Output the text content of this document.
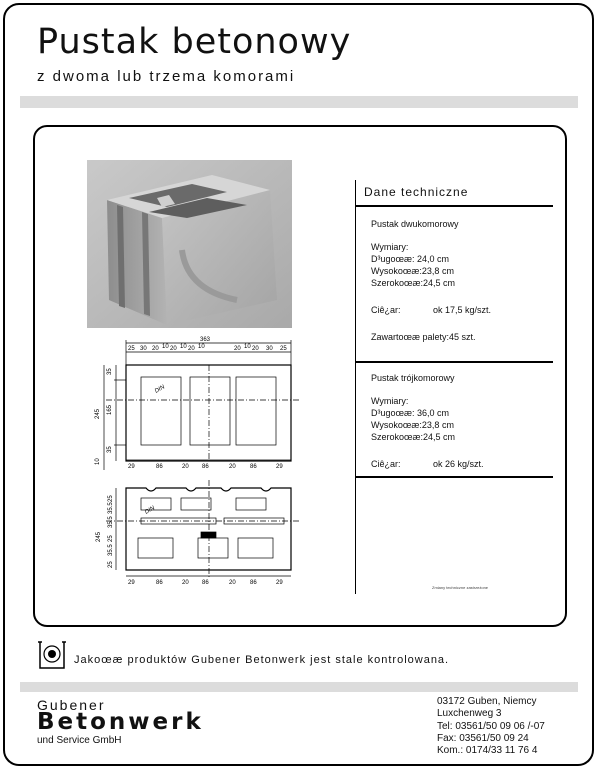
Pustak betonowy
z dwoma lub trzema komorami
363
25 30 20 10 20 10 20 10	20 10 20 30 25
29	86	20 86	20 86	29
35
165
35
10
245
DIN
25
35.5
35.5
25
35.5
25
245
29	86	20 86	20 86	29
DIN
Dane techniczne
Pustak dwukomorowy
Wymiary:
D³ugoœæ: 24,0 cm
Wysokoœæ:23,8 cm
Szerokoœæ:24,5 cm
Ciê¿ar:	ok 17,5 kg/szt.
Zawartoœæ palety:45 szt.
Pustak trójkomorowy
Wymiary:
D³ugoœæ: 36,0 cm
Wysokoœæ:23,8 cm
Szerokoœæ:24,5 cm
Ciê¿ar:	ok 26 kg/szt.
Zmiany techniczne zastrzeżone
Jakoœæ produktów Gubener Betonwerk jest stale kontrolowana.
Gubener
Betonwerk
und Service GmbH
03172 Guben, Niemcy
Luxchenweg 3
Tel: 03561/50 09 06 /-07
Fax: 03561/50 09 24
Kom.: 0174/33 11 76 4
